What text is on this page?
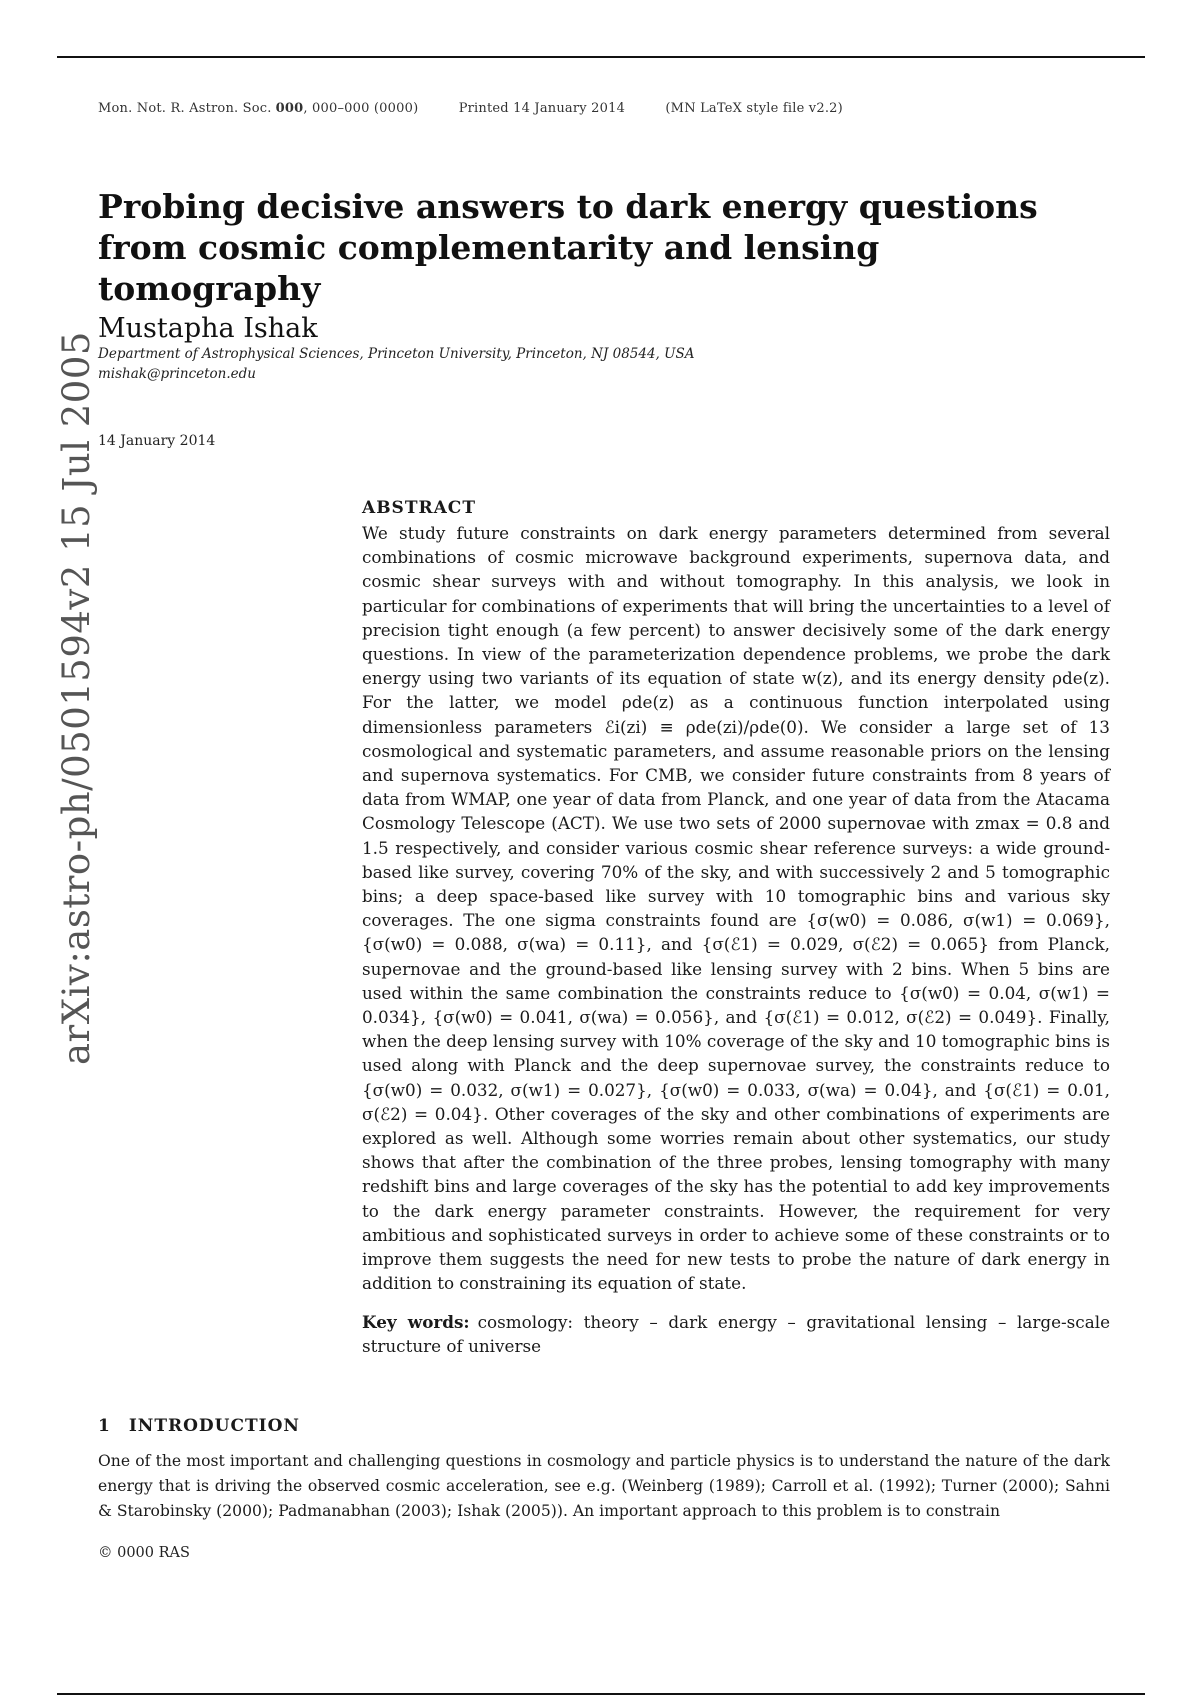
Mon. Not. R. Astron. Soc. 000, 000–000 (0000)	Printed 14 January 2014	(MN LaTeX style file v2.2)
Probing decisive answers to dark energy questions from cosmic complementarity and lensing tomography
Mustapha Ishak
Department of Astrophysical Sciences, Princeton University, Princeton, NJ 08544, USA
mishak@princeton.edu
14 January 2014
arXiv:astro-ph/0501594v2 15 Jul 2005	ABSTRACT

We study future constraints on dark energy parameters determined from several combinations of cosmic microwave background experiments, supernova data, and cosmic shear surveys with and without tomography. In this analysis, we look in particular for combinations of experiments that will bring the uncertainties to a level of precision tight enough (a few percent) to answer decisively some of the dark energy questions. In view of the parameterization dependence problems, we probe the dark energy using two variants of its equation of state w(z), and its energy density ρde(z). For the latter, we model ρde(z) as a continuous function interpolated using dimensionless parameters ℰi(zi) ≡ ρde(zi)/ρde(0). We consider a large set of 13 cosmological and systematic parameters, and assume reasonable priors on the lensing and supernova systematics. For CMB, we consider future constraints from 8 years of data from WMAP, one year of data from Planck, and one year of data from the Atacama Cosmology Telescope (ACT). We use two sets of 2000 supernovae with zmax = 0.8 and 1.5 respectively, and consider various cosmic shear reference surveys: a wide ground-based like survey, covering 70% of the sky, and with successively 2 and 5 tomographic bins; a deep space-based like survey with 10 tomographic bins and various sky coverages. The one sigma constraints found are {σ(w0) = 0.086, σ(w1) = 0.069}, {σ(w0) = 0.088, σ(wa) = 0.11}, and {σ(ℰ1) = 0.029, σ(ℰ2) = 0.065} from Planck, supernovae and the ground-based like lensing survey with 2 bins. When 5 bins are used within the same combination the constraints reduce to {σ(w0) = 0.04, σ(w1) = 0.034}, {σ(w0) = 0.041, σ(wa) = 0.056}, and {σ(ℰ1) = 0.012, σ(ℰ2) = 0.049}. Finally, when the deep lensing survey with 10% coverage of the sky and 10 tomographic bins is used along with Planck and the deep supernovae survey, the constraints reduce to {σ(w0) = 0.032, σ(w1) = 0.027}, {σ(w0) = 0.033, σ(wa) = 0.04}, and {σ(ℰ1) = 0.01, σ(ℰ2) = 0.04}. Other coverages of the sky and other combinations of experiments are explored as well. Although some worries remain about other systematics, our study shows that after the combination of the three probes, lensing tomography with many redshift bins and large coverages of the sky has the potential to add key improvements to the dark energy parameter constraints. However, the requirement for very ambitious and sophisticated surveys in order to achieve some of these constraints or to improve them suggests the need for new tests to probe the nature of dark energy in addition to constraining its equation of state.

Key words: cosmology: theory – dark energy – gravitational lensing – large-scale structure of universe
1 INTRODUCTION

One of the most important and challenging questions in cosmology and particle physics is to understand the nature of the dark energy that is driving the observed cosmic acceleration, see e.g. (Weinberg (1989); Carroll et al. (1992); Turner (2000); Sahni & Starobinsky (2000); Padmanabhan (2003); Ishak (2005)). An important approach to this problem is to constrain

© 0000 RAS
